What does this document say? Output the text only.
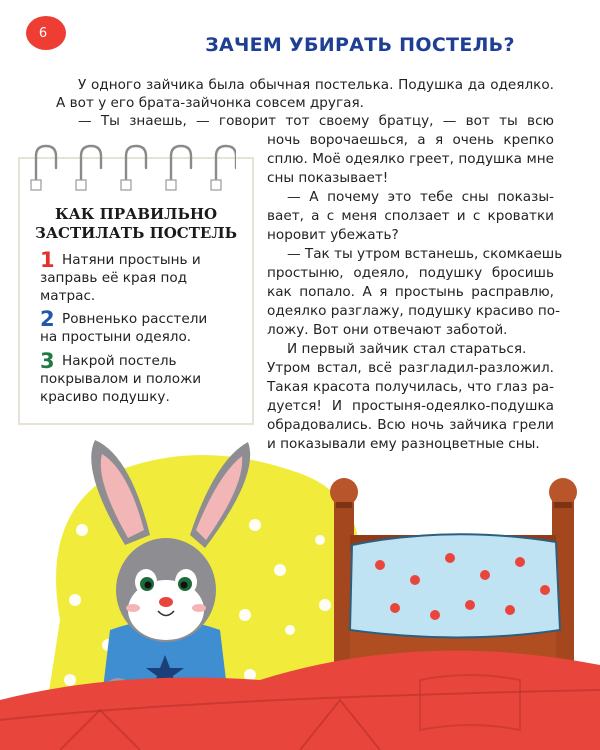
6
ЗАЧЕМ УБИРАТЬ ПОСТЕЛЬ?
У одного зайчика была обычная постелька. Подушка да одеялко.
А вот у его брата-зайчонка совсем другая.
— Ты знаешь, — говорит тот своему братцу, — вот ты всю
ночь ворочаешься, а я очень крепко
сплю. Моё одеялко греет, подушка мне
сны показывает!
— А почему это тебе сны показы-
вает, а с меня сползает и с кроватки
норовит убежать?
— Так ты утром встанешь, скомкаешь
простыню, одеяло, подушку бросишь
как попало. А я простынь расправлю,
одеялко разглажу, подушку красиво по-
ложу. Вот они отвечают заботой.
И первый зайчик стал стараться.
Утром встал, всё разгладил-разложил.
Такая красота получилась, что глаз ра-
дуется! И простыня-одеялко-подушка
обрадовались. Всю ночь зайчика грели
и показывали ему разноцветные сны.
КАК ПРАВИЛЬНО
ЗАСТИЛАТЬ ПОСТЕЛЬ
1 Натяни простынь и
заправь её края под
матрас.
2 Ровненько расстели
на простыни одеяло.
3 Накрой постель
покрывалом и положи
красиво подушку.
